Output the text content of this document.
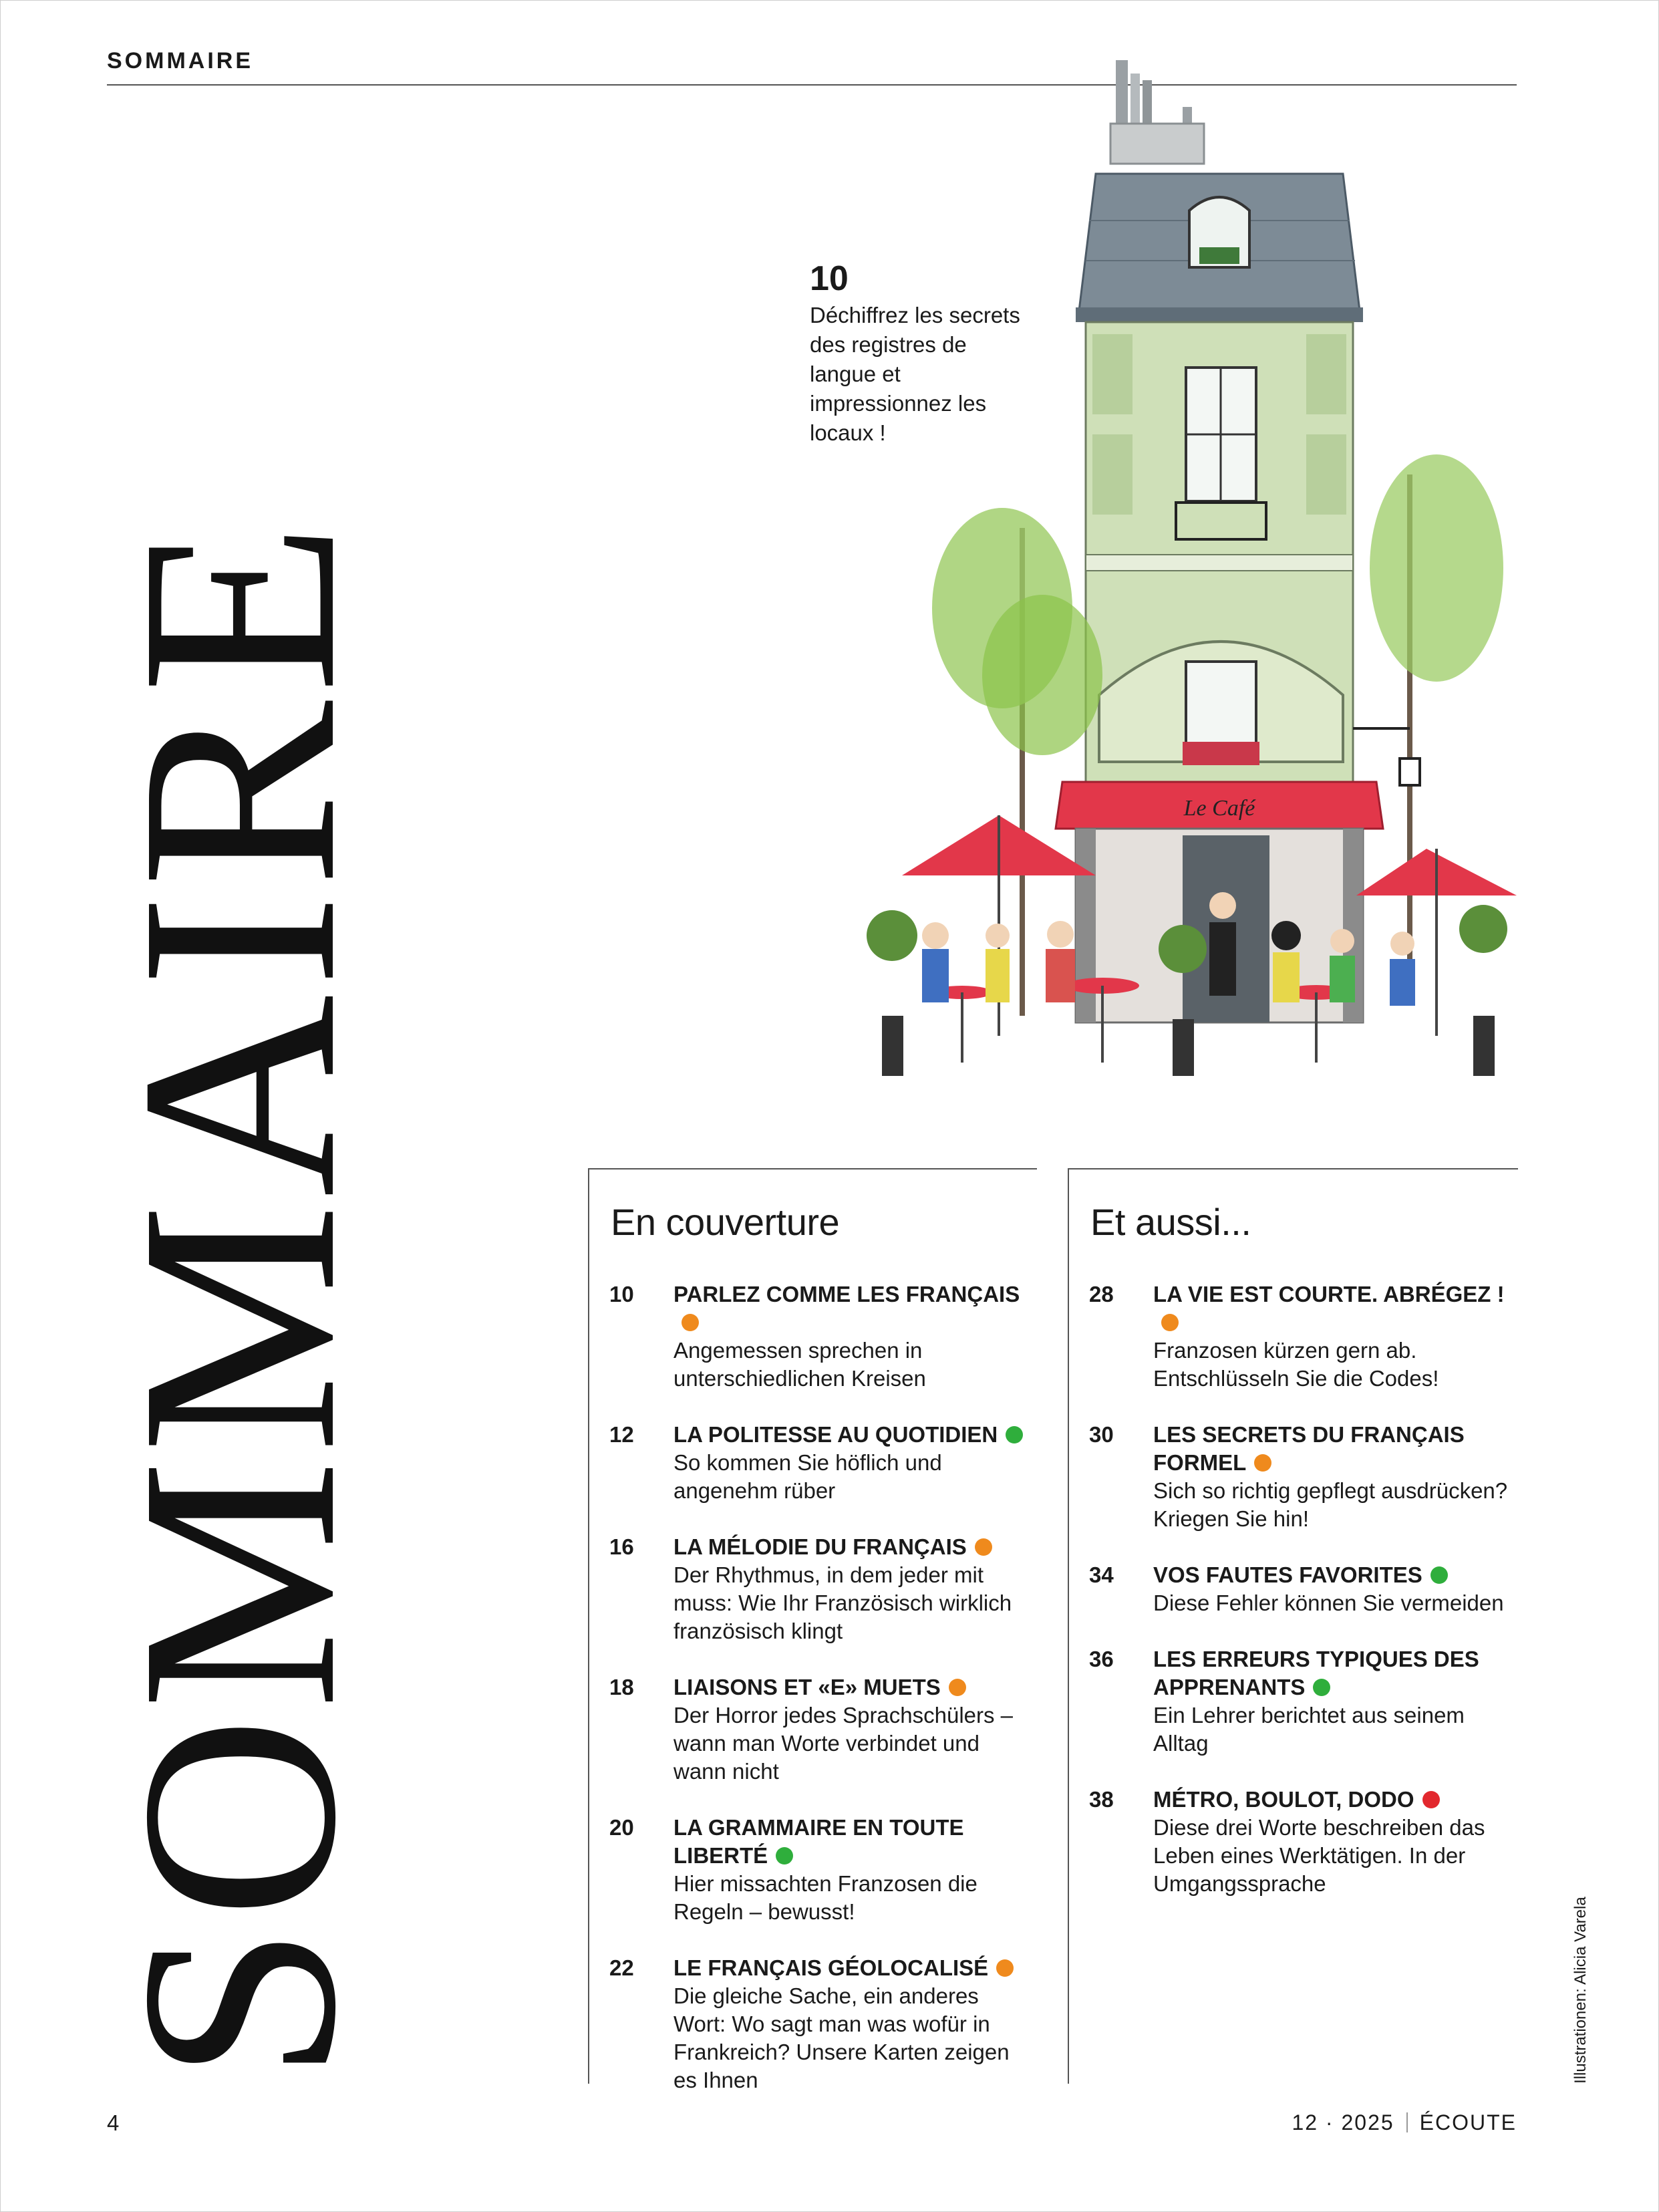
SOMMAIRE
SOMMAIRE
10
Déchiffrez les secrets des registres de langue et impressionnez les locaux !
Le Café
En couverture
10 PARLEZ COMME LES FRANÇAIS
Angemessen sprechen in unterschiedlichen Kreisen
12 LA POLITESSE AU QUOTIDIEN
So kommen Sie höflich und angenehm rüber
16 LA MÉLODIE DU FRANÇAIS
Der Rhythmus, in dem jeder mit muss: Wie Ihr Französisch wirklich französisch klingt
18 LIAISONS ET «E» MUETS
Der Horror jedes Sprachschülers – wann man Worte verbindet und wann nicht
20 LA GRAMMAIRE EN TOUTE LIBERTÉ
Hier missachten Franzosen die Regeln – bewusst!
22 LE FRANÇAIS GÉOLOCALISÉ
Die gleiche Sache, ein anderes Wort: Wo sagt man was wofür in Frankreich? Unsere Karten zeigen es Ihnen
Et aussi...
28 LA VIE EST COURTE. ABRÉGEZ !
Franzosen kürzen gern ab. Entschlüsseln Sie die Codes!
30 LES SECRETS DU FRANÇAIS FORMEL
Sich so richtig gepflegt ausdrücken? Kriegen Sie hin!
34 VOS FAUTES FAVORITES
Diese Fehler können Sie vermeiden
36 LES ERREURS TYPIQUES DES APPRENANTS
Ein Lehrer berichtet aus seinem Alltag
38 MÉTRO, BOULOT, DODO
Diese drei Worte beschreiben das Leben eines Werktätigen. In der Umgangssprache
Illustrationen: Alicia Varela
4	12 · 2025 ÉCOUTE
